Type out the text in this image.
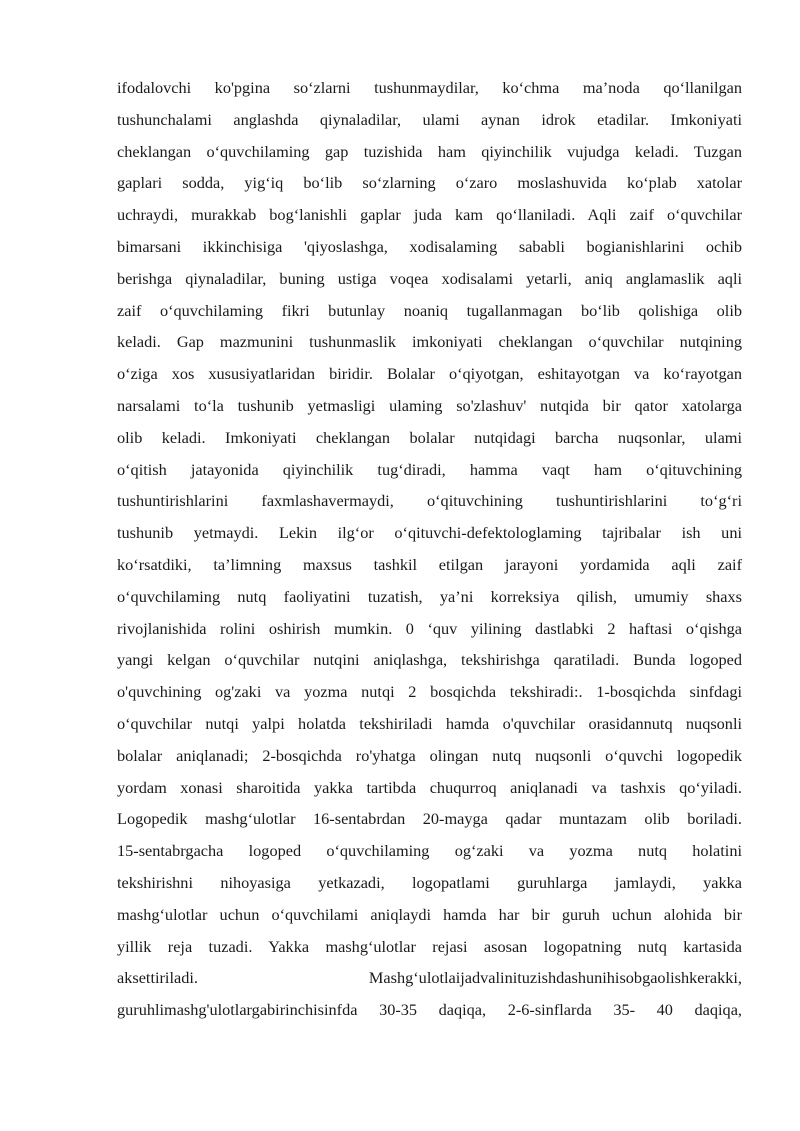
ifodalovchi ko'pgina so‘zlarni tushunmaydilar, ko‘chma ma’noda qo‘llanilgan
tushunchalami anglashda qiynaladilar, ulami aynan idrok etadilar. Imkoniyati
cheklangan o‘quvchilaming gap tuzishida ham qiyinchilik vujudga keladi. Tuzgan
gaplari sodda, yig‘iq bo‘lib so‘zlarning o‘zaro moslashuvida ko‘plab xatolar
uchraydi, murakkab bog‘lanishli gaplar juda kam qo‘llaniladi. Aqli zaif o‘quvchilar
bimarsani ikkinchisiga 'qiyoslashga, xodisalaming sababli bogianishlarini ochib
berishga qiynaladilar, buning ustiga voqea xodisalami yetarli, aniq anglamaslik aqli
zaif o‘quvchilaming fikri butunlay noaniq tugallanmagan bo‘lib qolishiga olib
keladi. Gap mazmunini tushunmaslik imkoniyati cheklangan o‘quvchilar nutqining
o‘ziga xos xususiyatlaridan biridir. Bolalar o‘qiyotgan, eshitayotgan va ko‘rayotgan
narsalami to‘la tushunib yetmasligi ulaming so'zlashuv' nutqida bir qator xatolarga
olib keladi. Imkoniyati cheklangan bolalar nutqidagi barcha nuqsonlar, ulami
o‘qitish jatayonida qiyinchilik tug‘diradi, hamma vaqt ham o‘qituvchining
tushuntirishlarini faxmlashavermaydi, o‘qituvchining tushuntirishlarini to‘g‘ri
tushunib yetmaydi. Lekin ilg‘or o‘qituvchi-defektologlaming tajribalar ish uni
ko‘rsatdiki, ta’limning maxsus tashkil etilgan jarayoni yordamida aqli zaif
o‘quvchilaming nutq faoliyatini tuzatish, ya’ni korreksiya qilish, umumiy shaxs
rivojlanishida rolini oshirish mumkin. 0 ‘quv yilining dastlabki 2 haftasi o‘qishga
yangi kelgan o‘quvchilar nutqini aniqlashga, tekshirishga qaratiladi. Bunda logoped
o'quvchining og'zaki va yozma nutqi 2 bosqichda tekshiradi:. 1-bosqichda sinfdagi
o‘quvchilar nutqi yalpi holatda tekshiriladi hamda o'quvchilar orasidannutq nuqsonli
bolalar aniqlanadi; 2-bosqichda ro'yhatga olingan nutq nuqsonli o‘quvchi logopedik
yordam xonasi sharoitida yakka tartibda chuqurroq aniqlanadi va tashxis qo‘yiladi.
Logopedik mashg‘ulotlar 16-sentabrdan 20-mayga qadar muntazam olib boriladi.
15-sentabrgacha logoped o‘quvchilaming og‘zaki va yozma nutq holatini
tekshirishni nihoyasiga yetkazadi, logopatlami guruhlarga jamlaydi, yakka
mashg‘ulotlar uchun o‘quvchilami aniqlaydi hamda har bir guruh uchun alohida bir
yillik reja tuzadi. Yakka mashg‘ulotlar rejasi asosan logopatning nutq kartasida
aksettiriladi. Mashg‘ulotlaijadvalinituzishdashunihisobgaolishkerakki,
guruhlimashg'ulotlargabirinchisinfda 30-35 daqiqa, 2-6-sinflarda 35- 40 daqiqa,
